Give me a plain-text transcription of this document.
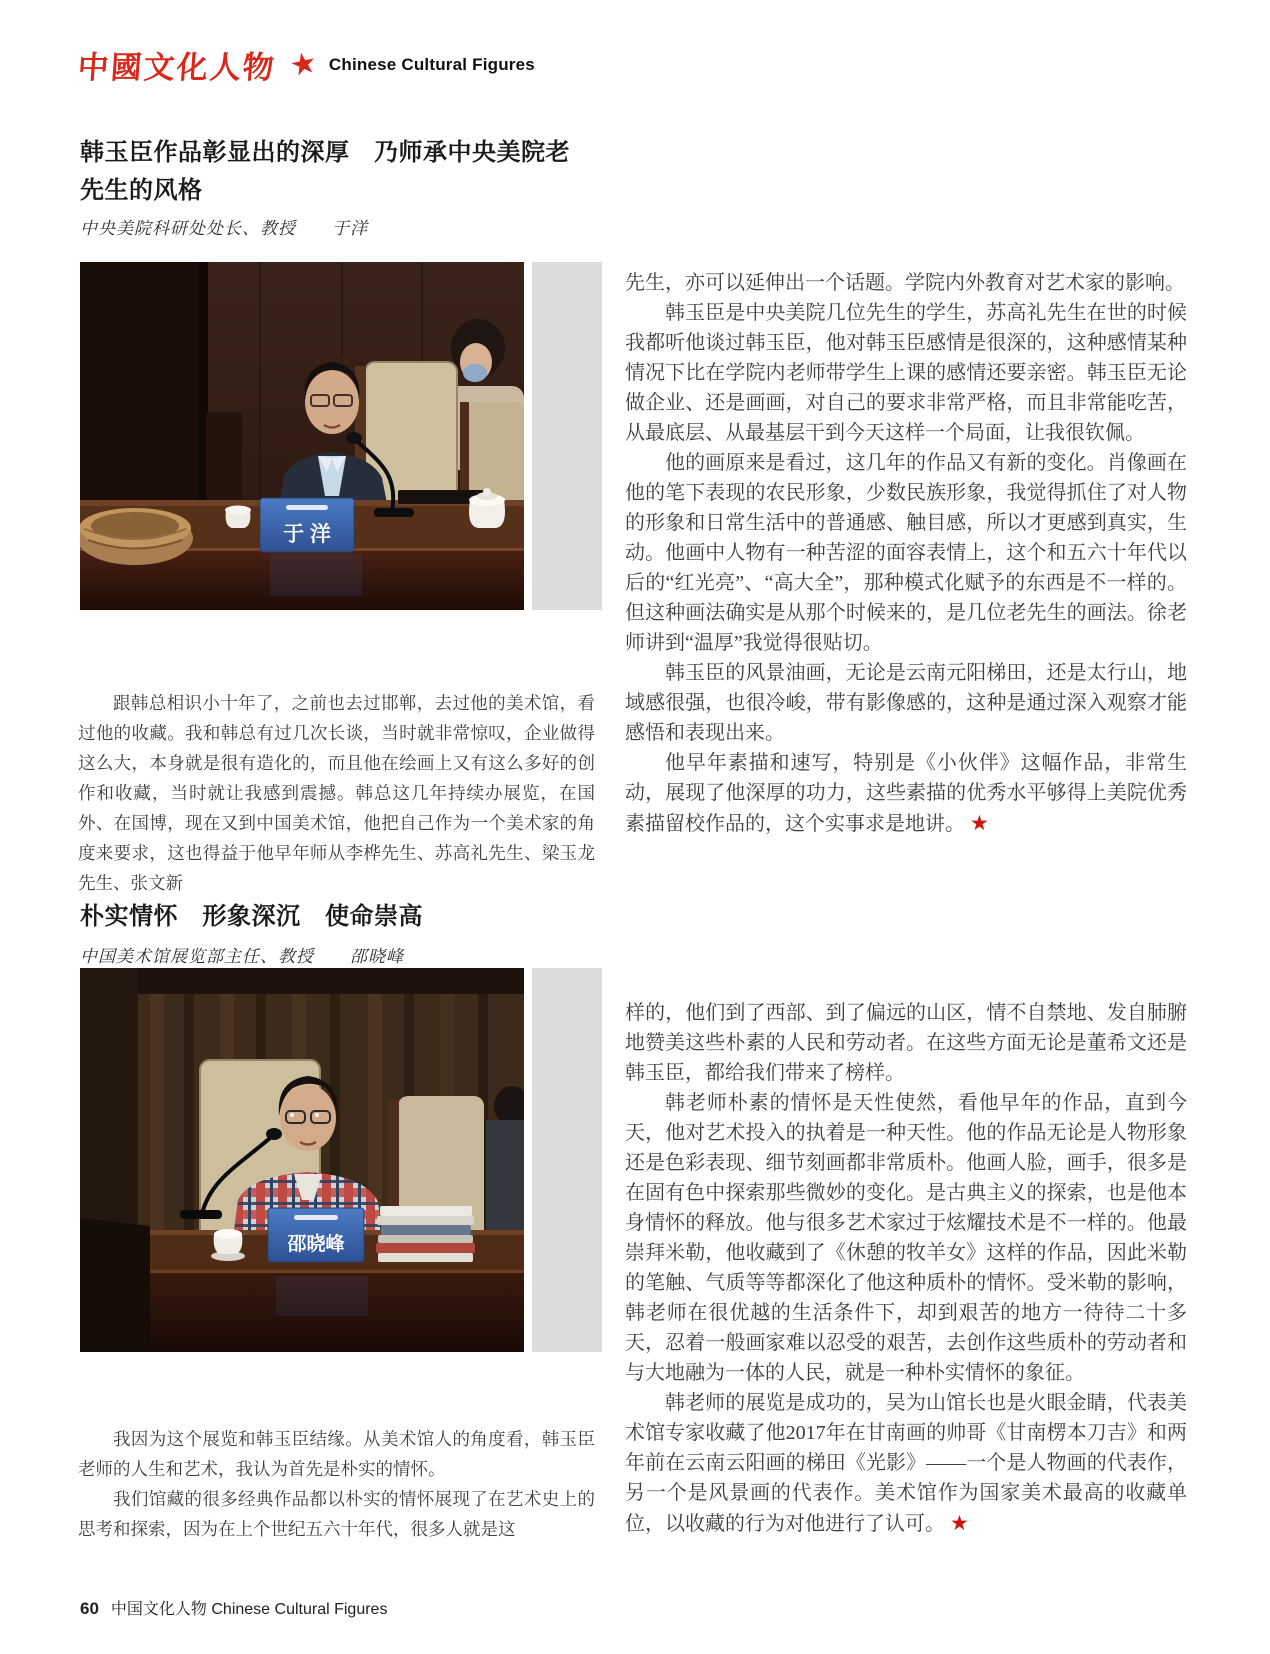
中國文化人物 ★ Chinese Cultural Figures
韩玉臣作品彰显出的深厚　乃师承中央美院老
先生的风格
中央美院科研处处长、教授　　于洋
于 洋

先生，亦可以延伸出一个话题。学院内外教育对艺术家的影响。

韩玉臣是中央美院几位先生的学生，苏高礼先生在世的时候我都听他谈过韩玉臣，他对韩玉臣感情是很深的，这种感情某种情况下比在学院内老师带学生上课的感情还要亲密。韩玉臣无论做企业、还是画画，对自己的要求非常严格，而且非常能吃苦，从最底层、从最基层干到今天这样一个局面，让我很钦佩。

他的画原来是看过，这几年的作品又有新的变化。肖像画在他的笔下表现的农民形象，少数民族形象，我觉得抓住了对人物的形象和日常生活中的普通感、触目感，所以才更感到真实，生动。他画中人物有一种苦涩的面容表情上，这个和五六十年代以后的“红光亮”、“高大全”，那种模式化赋予的东西是不一样的。但这种画法确实是从那个时候来的，是几位老先生的画法。徐老师讲到“温厚”我觉得很贴切。

韩玉臣的风景油画，无论是云南元阳梯田，还是太行山，地域感很强，也很冷峻，带有影像感的，这种是通过深入观察才能感悟和表现出来。

他早年素描和速写，特别是《小伙伴》这幅作品，非常生动，展现了他深厚的功力，这些素描的优秀水平够得上美院优秀素描留校作品的，这个实事求是地讲。 ★

跟韩总相识小十年了，之前也去过邯郸，去过他的美术馆，看过他的收藏。我和韩总有过几次长谈，当时就非常惊叹，企业做得这么大，本身就是很有造化的，而且他在绘画上又有这么多好的创作和收藏，当时就让我感到震撼。韩总这几年持续办展览，在国外、在国博，现在又到中国美术馆，他把自己作为一个美术家的角度来要求，这也得益于他早年师从李桦先生、苏高礼先生、梁玉龙先生、张文新

朴实情怀　形象深沉　使命崇高
中国美术馆展览部主任、教授　　邵晓峰
邵晓峰

样的，他们到了西部、到了偏远的山区，情不自禁地、发自肺腑地赞美这些朴素的人民和劳动者。在这些方面无论是董希文还是韩玉臣，都给我们带来了榜样。

韩老师朴素的情怀是天性使然，看他早年的作品，直到今天，他对艺术投入的执着是一种天性。他的作品无论是人物形象还是色彩表现、细节刻画都非常质朴。他画人脸，画手，很多是在固有色中探索那些微妙的变化。是古典主义的探索，也是他本身情怀的释放。他与很多艺术家过于炫耀技术是不一样的。他最崇拜米勒，他收藏到了《休憩的牧羊女》这样的作品，因此米勒的笔触、气质等等都深化了他这种质朴的情怀。受米勒的影响，韩老师在很优越的生活条件下，却到艰苦的地方一待待二十多天，忍着一般画家难以忍受的艰苦，去创作这些质朴的劳动者和与大地融为一体的人民，就是一种朴实情怀的象征。

韩老师的展览是成功的，吴为山馆长也是火眼金睛，代表美术馆专家收藏了他2017年在甘南画的帅哥《甘南楞本刀吉》和两年前在云南云阳画的梯田《光影》——一个是人物画的代表作，另一个是风景画的代表作。美术馆作为国家美术最高的收藏单位，以收藏的行为对他进行了认可。 ★

我因为这个展览和韩玉臣结缘。从美术馆人的角度看，韩玉臣老师的人生和艺术，我认为首先是朴实的情怀。

我们馆藏的很多经典作品都以朴实的情怀展现了在艺术史上的思考和探索，因为在上个世纪五六十年代，很多人就是这

60 中国文化人物 Chinese Cultural Figures
